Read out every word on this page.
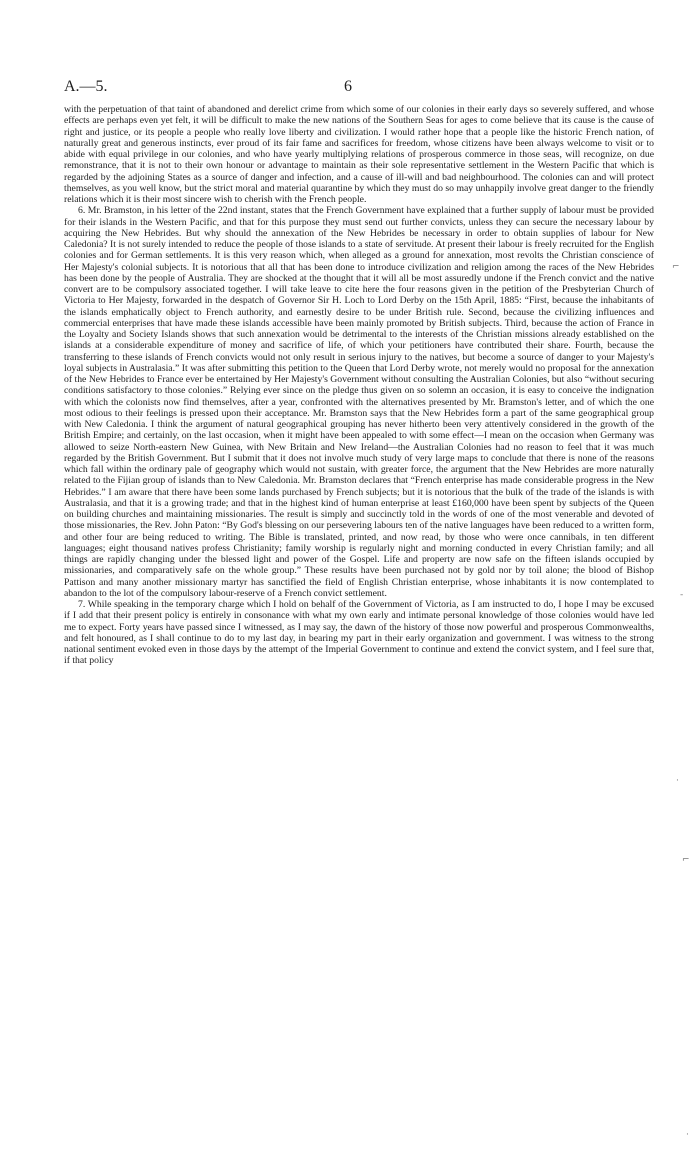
A.—5.	6

with the perpetuation of that taint of abandoned and derelict crime from which some of our colonies in their early days so severely suffered, and whose effects are perhaps even yet felt, it will be difficult to make the new nations of the Southern Seas for ages to come believe that its cause is the cause of right and justice, or its people a people who really love liberty and civilization. I would rather hope that a people like the historic French nation, of naturally great and generous instincts, ever proud of its fair fame and sacrifices for freedom, whose citizens have been always welcome to visit or to abide with equal privilege in our colonies, and who have yearly multiplying relations of prosperous commerce in those seas, will recognize, on due remonstrance, that it is not to their own honour or advantage to maintain as their sole representative settlement in the Western Pacific that which is regarded by the adjoining States as a source of danger and infection, and a cause of ill-will and bad neighbourhood. The colonies can and will protect themselves, as you well know, but the strict moral and material quarantine by which they must do so may unhappily involve great danger to the friendly relations which it is their most sincere wish to cherish with the French people.

6. Mr. Bramston, in his letter of the 22nd instant, states that the French Government have explained that a further supply of labour must be provided for their islands in the Western Pacific, and that for this purpose they must send out further convicts, unless they can secure the necessary labour by acquiring the New Hebrides. But why should the annexation of the New Hebrides be necessary in order to obtain supplies of labour for New Caledonia? It is not surely intended to reduce the people of those islands to a state of servitude. At present their labour is freely recruited for the English colonies and for German settlements. It is this very reason which, when alleged as a ground for annexation, most revolts the Christian conscience of Her Majesty's colonial subjects. It is notorious that all that has been done to introduce civilization and religion among the races of the New Hebrides has been done by the people of Australia. They are shocked at the thought that it will all be most assuredly undone if the French convict and the native convert are to be compulsory associated together. I will take leave to cite here the four reasons given in the petition of the Presbyterian Church of Victoria to Her Majesty, forwarded in the despatch of Governor Sir H. Loch to Lord Derby on the 15th April, 1885: “First, because the inhabitants of the islands emphatically object to French authority, and earnestly desire to be under British rule. Second, because the civilizing influences and commercial enterprises that have made these islands accessible have been mainly promoted by British subjects. Third, because the action of France in the Loyalty and Society Islands shows that such annexation would be detrimental to the interests of the Christian missions already established on the islands at a considerable expenditure of money and sacrifice of life, of which your petitioners have contributed their share. Fourth, because the transferring to these islands of French convicts would not only result in serious injury to the natives, but become a source of danger to your Majesty's loyal subjects in Australasia.” It was after submitting this petition to the Queen that Lord Derby wrote, not merely would no proposal for the annexation of the New Hebrides to France ever be entertained by Her Majesty's Government without consulting the Australian Colonies, but also “without securing conditions satisfactory to those colonies.” Relying ever since on the pledge thus given on so solemn an occasion, it is easy to conceive the indignation with which the colonists now find themselves, after a year, confronted with the alternatives presented by Mr. Bramston's letter, and of which the one most odious to their feelings is pressed upon their acceptance. Mr. Bramston says that the New Hebrides form a part of the same geographical group with New Caledonia. I think the argument of natural geographical grouping has never hitherto been very attentively considered in the growth of the British Empire; and certainly, on the last occasion, when it might have been appealed to with some effect—I mean on the occasion when Germany was allowed to seize North-eastern New Guinea, with New Britain and New Ireland—the Australian Colonies had no reason to feel that it was much regarded by the British Government. But I submit that it does not involve much study of very large maps to conclude that there is none of the reasons which fall within the ordinary pale of geography which would not sustain, with greater force, the argument that the New Hebrides are more naturally related to the Fijian group of islands than to New Caledonia. Mr. Bramston declares that “French enterprise has made considerable progress in the New Hebrides.” I am aware that there have been some lands purchased by French subjects; but it is notorious that the bulk of the trade of the islands is with Australasia, and that it is a growing trade; and that in the highest kind of human enterprise at least £160,000 have been spent by subjects of the Queen on building churches and maintaining missionaries. The result is simply and succinctly told in the words of one of the most venerable and devoted of those missionaries, the Rev. John Paton: “By God's blessing on our persevering labours ten of the native languages have been reduced to a written form, and other four are being reduced to writing. The Bible is translated, printed, and now read, by those who were once cannibals, in ten different languages; eight thousand natives profess Christianity; family worship is regularly night and morning conducted in every Christian family; and all things are rapidly changing under the blessed light and power of the Gospel. Life and property are now safe on the fifteen islands occupied by missionaries, and comparatively safe on the whole group.” These results have been purchased not by gold nor by toil alone; the blood of Bishop Pattison and many another missionary martyr has sanctified the field of English Christian enterprise, whose inhabitants it is now contemplated to abandon to the lot of the compulsory labour-reserve of a French convict settlement.

7. While speaking in the temporary charge which I hold on behalf of the Government of Victoria, as I am instructed to do, I hope I may be excused if I add that their present policy is entirely in consonance with what my own early and intimate personal knowledge of those colonies would have led me to expect. Forty years have passed since I witnessed, as I may say, the dawn of the history of those now powerful and prosperous Commonwealths, and felt honoured, as I shall continue to do to my last day, in bearing my part in their early organization and government. I was witness to the strong national sentiment evoked even in those days by the attempt of the Imperial Government to continue and extend the convict system, and I feel sure that, if that policy

⌐
‑
·
⌐
·
